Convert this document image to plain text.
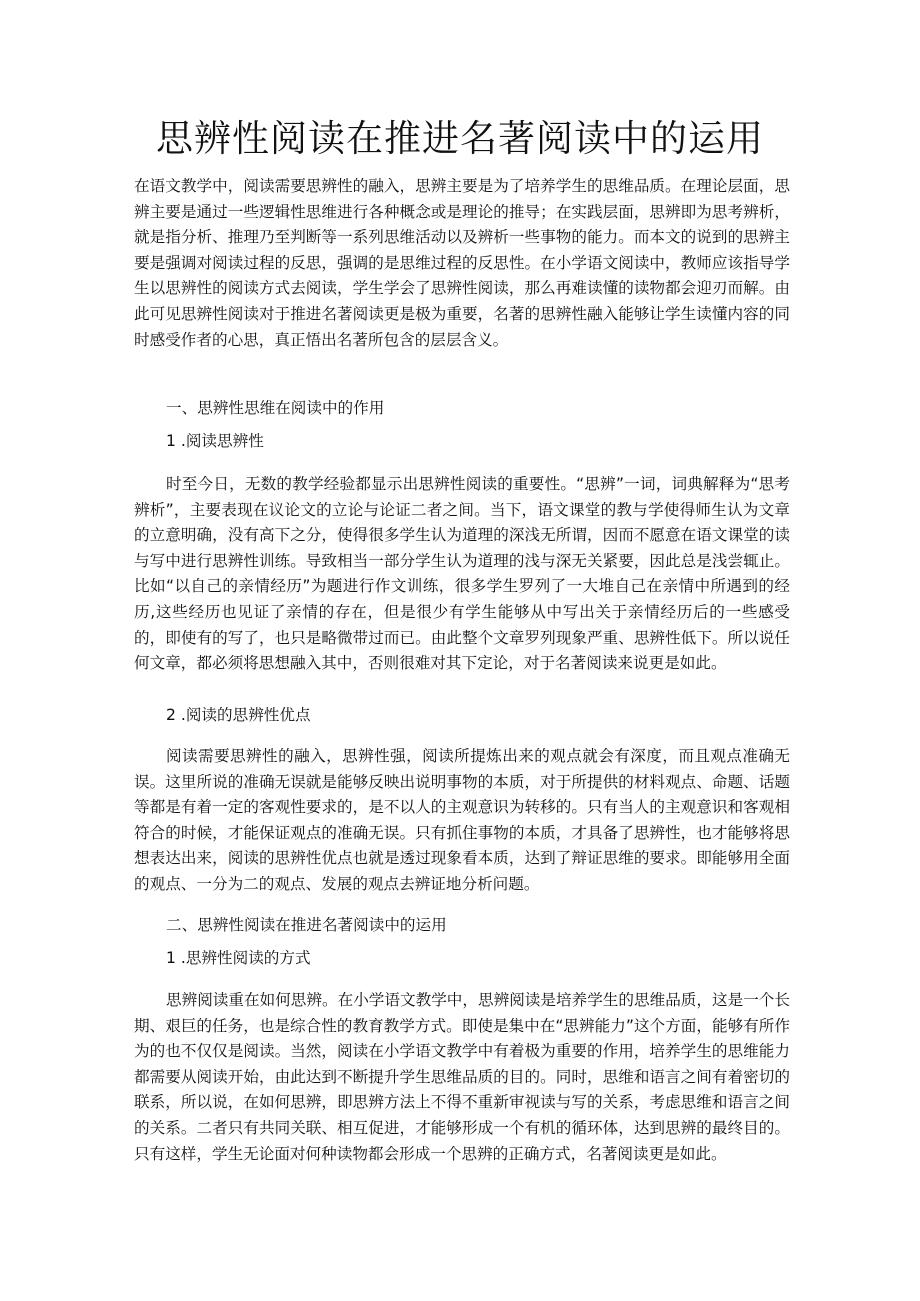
思辨性阅读在推进名著阅读中的运用

在语文教学中，阅读需要思辨性的融入，思辨主要是为了培养学生的思维品质。在理论层面，思辨主要是通过一些逻辑性思维进行各种概念或是理论的推导；在实践层面，思辨即为思考辨析，就是指分析、推理乃至判断等一系列思维活动以及辨析一些事物的能力。而本文的说到的思辨主要是强调对阅读过程的反思，强调的是思维过程的反思性。在小学语文阅读中，教师应该指导学生以思辨性的阅读方式去阅读，学生学会了思辨性阅读，那么再难读懂的读物都会迎刃而解。由此可见思辨性阅读对于推进名著阅读更是极为重要，名著的思辨性融入能够让学生读懂内容的同时感受作者的心思，真正悟出名著所包含的层层含义。

一、思辨性思维在阅读中的作用

1 .阅读思辨性

时至今日，无数的教学经验都显示出思辨性阅读的重要性。“思辨”一词，词典解释为“思考辨析”，主要表现在议论文的立论与论证二者之间。当下，语文课堂的教与学使得师生认为文章的立意明确，没有高下之分，使得很多学生认为道理的深浅无所谓，因而不愿意在语文课堂的读与写中进行思辨性训练。导致相当一部分学生认为道理的浅与深无关紧要，因此总是浅尝辄止。比如“以自己的亲情经历”为题进行作文训练，很多学生罗列了一大堆自己在亲情中所遇到的经历,这些经历也见证了亲情的存在，但是很少有学生能够从中写出关于亲情经历后的一些感受的，即使有的写了，也只是略微带过而已。由此整个文章罗列现象严重、思辨性低下。所以说任何文章，都必须将思想融入其中，否则很难对其下定论，对于名著阅读来说更是如此。

2 .阅读的思辨性优点

阅读需要思辨性的融入，思辨性强，阅读所提炼出来的观点就会有深度，而且观点准确无误。这里所说的准确无误就是能够反映出说明事物的本质，对于所提供的材料观点、命题、话题等都是有着一定的客观性要求的，是不以人的主观意识为转移的。只有当人的主观意识和客观相符合的时候，才能保证观点的准确无误。只有抓住事物的本质，才具备了思辨性，也才能够将思想表达出来，阅读的思辨性优点也就是透过现象看本质，达到了辩证思维的要求。即能够用全面的观点、一分为二的观点、发展的观点去辨证地分析问题。

二、思辨性阅读在推进名著阅读中的运用

1 .思辨性阅读的方式

思辨阅读重在如何思辨。在小学语文教学中，思辨阅读是培养学生的思维品质，这是一个长期、艰巨的任务，也是综合性的教育教学方式。即使是集中在“思辨能力”这个方面，能够有所作为的也不仅仅是阅读。当然，阅读在小学语文教学中有着极为重要的作用，培养学生的思维能力都需要从阅读开始，由此达到不断提升学生思维品质的目的。同时，思维和语言之间有着密切的联系，所以说，在如何思辨，即思辨方法上不得不重新审视读与写的关系，考虑思维和语言之间的关系。二者只有共同关联、相互促进，才能够形成一个有机的循环体，达到思辨的最终目的。只有这样，学生无论面对何种读物都会形成一个思辨的正确方式，名著阅读更是如此。
